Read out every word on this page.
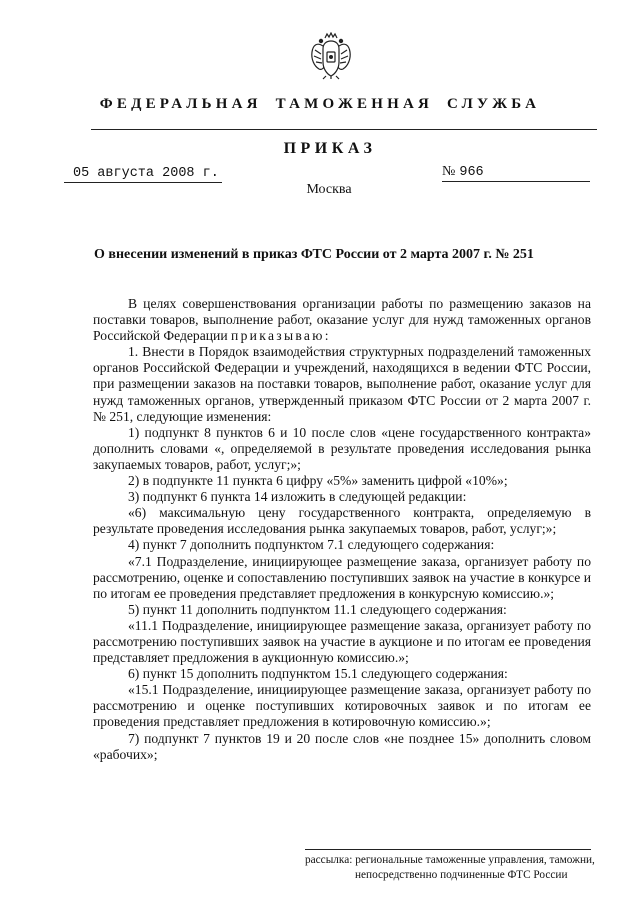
ФЕДЕРАЛЬНАЯ ТАМОЖЕННАЯ СЛУЖБА
ПРИКАЗ
05 августа 2008 г.	№ 966
Москва
О внесении изменений в приказ ФТС России от 2 марта 2007 г. № 251

В целях совершенствования организации работы по размещению заказов на поставки товаров, выполнение работ, оказание услуг для нужд таможенных органов Российской Федерации приказываю:

1. Внести в Порядок взаимодействия структурных подразделений таможенных органов Российской Федерации и учреждений, находящихся в ведении ФТС России, при размещении заказов на поставки товаров, выполнение работ, оказание услуг для нужд таможенных органов, утвержденный приказом ФТС России от 2 марта 2007 г. № 251, следующие изменения:

1) подпункт 8 пунктов 6 и 10 после слов «цене государственного контракта» дополнить словами «, определяемой в результате проведения исследования рынка закупаемых товаров, работ, услуг;»;

2) в подпункте 11 пункта 6 цифру «5%» заменить цифрой «10%»;

3) подпункт 6 пункта 14 изложить в следующей редакции:

«6) максимальную цену государственного контракта, определяемую в результате проведения исследования рынка закупаемых товаров, работ, услуг;»;

4) пункт 7 дополнить подпунктом 7.1 следующего содержания:

«7.1 Подразделение, инициирующее размещение заказа, организует работу по рассмотрению, оценке и сопоставлению поступивших заявок на участие в конкурсе и по итогам ее проведения представляет предложения в конкурсную комиссию.»;

5) пункт 11 дополнить подпунктом 11.1 следующего содержания:

«11.1 Подразделение, инициирующее размещение заказа, организует работу по рассмотрению поступивших заявок на участие в аукционе и по итогам ее проведения представляет предложения в аукционную комиссию.»;

6) пункт 15 дополнить подпунктом 15.1 следующего содержания:

«15.1 Подразделение, инициирующее размещение заказа, организует работу по рассмотрению и оценке поступивших котировочных заявок и по итогам ее проведения представляет предложения в котировочную комиссию.»;

7) подпункт 7 пунктов 19 и 20 после слов «не позднее 15» дополнить словом «рабочих»;

рассылка: региональные таможенные управления, таможни,
непосредственно подчиненные ФТС России
